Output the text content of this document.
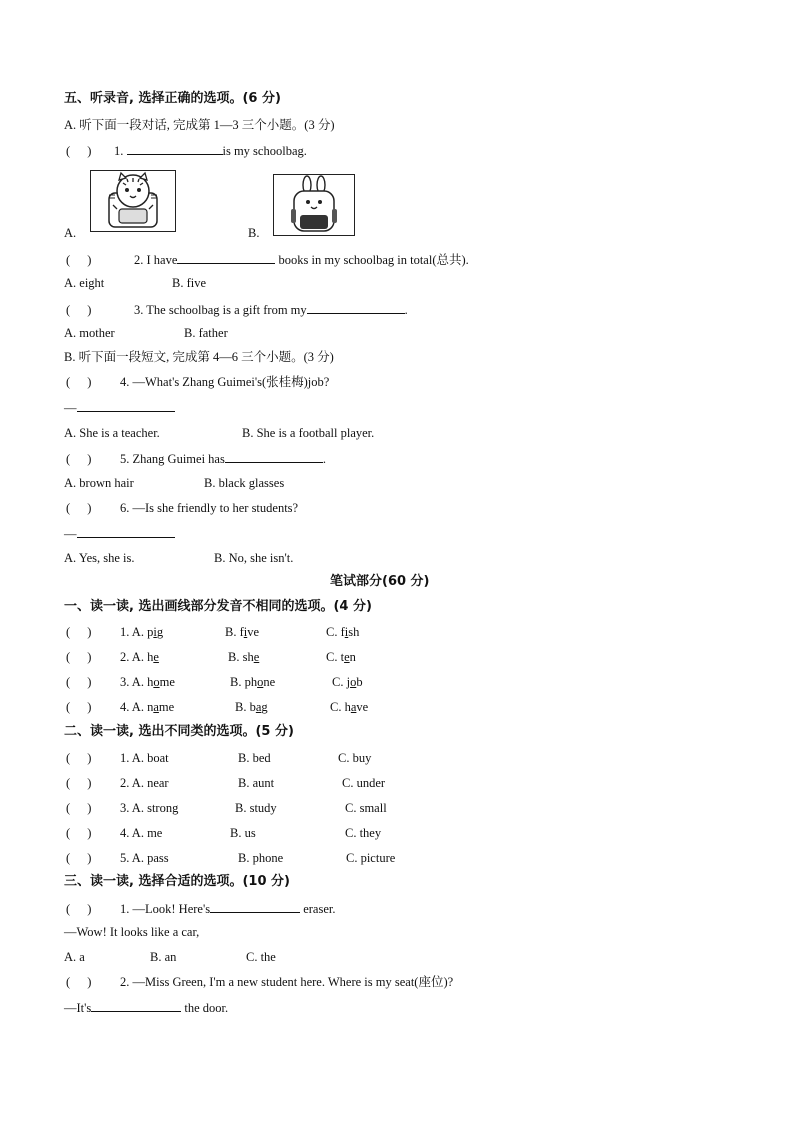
五、听录音, 选择正确的选项。(6 分)
A. 听下面一段对话, 完成第 1—3 三个小题。(3 分)
( ) 1.	is my schoolbag.
A.	B.
( )	2. I have	books in my schoolbag in total(总共).
A. eight	B. five
( )	3. The schoolbag is a gift from my	.
A. mother	B. father
B. 听下面一段短文, 完成第 4—6 三个小题。(3 分)
( ) 4. —What's Zhang Guimei's(张桂梅)job?
—
A. She is a teacher.	B. She is a football player.
( ) 5. Zhang Guimei has	.
A. brown hair	B. black glasses
( ) 6. —Is she friendly to her students?
—
A. Yes, she is.	B. No, she isn't.
笔试部分(60 分)
一、读一读, 选出画线部分发音不相同的选项。(4 分)
( ) 1. A. pig	B. five	C. fish
( ) 2. A. he	B. she	C. ten
( ) 3. A. home	B. phone	C. job
( ) 4. A. name	B. bag	C. have
二、读一读, 选出不同类的选项。(5 分)
( ) 1. A. boat	B. bed	C. buy
( ) 2. A. near	B. aunt	C. under
( ) 3. A. strong	B. study	C. small
( ) 4. A. me	B. us	C. they
( ) 5. A. pass	B. phone	C. picture
三、读一读, 选择合适的选项。(10 分)
( ) 1. —Look! Here's	eraser.
—Wow! It looks like a car,
A. a	B. an	C. the
( ) 2. —Miss Green, I'm a new student here. Where is my seat(座位)?
—It's	the door.
